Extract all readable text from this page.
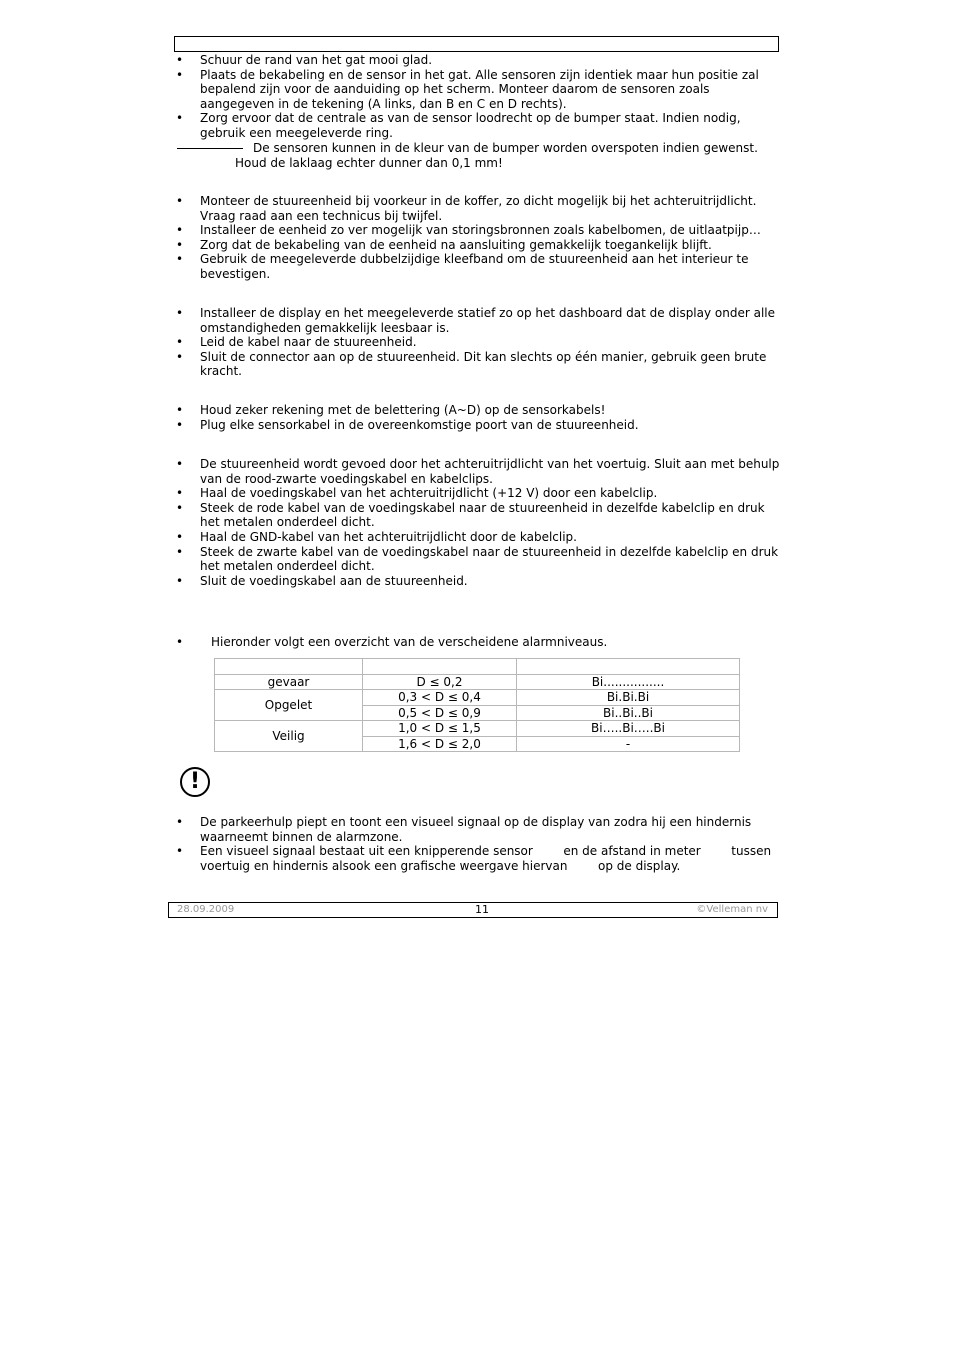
• Schuur de rand van het gat mooi glad.
• Plaats de bekabeling en de sensor in het gat. Alle sensoren zijn identiek maar hun positie zal bepalend zijn voor de aanduiding op het scherm. Monteer daarom de sensoren zoals aangegeven in de tekening (A links, dan B en C en D rechts).
• Zorg ervoor dat de centrale as van de sensor loodrecht op de bumper staat. Indien nodig, gebruik een meegeleverde ring.
De sensoren kunnen in de kleur van de bumper worden overspoten indien gewenst.
Houd de laklaag echter dunner dan 0,1 mm!
• Monteer de stuureenheid bij voorkeur in de koffer, zo dicht mogelijk bij het achteruitrijdlicht. Vraag raad aan een technicus bij twijfel.
• Installeer de eenheid zo ver mogelijk van storingsbronnen zoals kabelbomen, de uitlaatpijp…
• Zorg dat de bekabeling van de eenheid na aansluiting gemakkelijk toegankelijk blijft.
• Gebruik de meegeleverde dubbelzijdige kleefband om de stuureenheid aan het interieur te bevestigen.
• Installeer de display en het meegeleverde statief zo op het dashboard dat de display onder alle omstandigheden gemakkelijk leesbaar is.
• Leid de kabel naar de stuureenheid.
• Sluit de connector aan op de stuureenheid. Dit kan slechts op één manier, gebruik geen brute kracht.
• Houd zeker rekening met de belettering (A~D) op de sensorkabels!
• Plug elke sensorkabel in de overeenkomstige poort van de stuureenheid.
• De stuureenheid wordt gevoed door het achteruitrijdlicht van het voertuig. Sluit aan met behulp van de rood-zwarte voedingskabel en kabelclips.
• Haal de voedingskabel van het achteruitrijdlicht (+12 V) door een kabelclip.
• Steek de rode kabel van de voedingskabel naar de stuureenheid in dezelfde kabelclip en druk het metalen onderdeel dicht.
• Haal de GND-kabel van het achteruitrijdlicht door de kabelclip.
• Steek de zwarte kabel van de voedingskabel naar de stuureenheid in dezelfde kabelclip en druk het metalen onderdeel dicht.
• Sluit de voedingskabel aan de stuureenheid.
• Hieronder volgt een overzicht van de verscheidene alarmniveaus.

gevaar	D ≤ 0,2	Bi................
Opgelet	0,3 < D ≤ 0,4	Bi.Bi.Bi
	0,5 < D ≤ 0,9	Bi..Bi..Bi
Veilig	1,0 < D ≤ 1,5	Bi…..Bi…..Bi
	1,6 < D ≤ 2,0	-
!
• De parkeerhulp piept en toont een visueel signaal op de display van zodra hij een hindernis waarneemt binnen de alarmzone.
• Een visueel signaal bestaat uit een knipperende sensor        en de afstand in meter        tussen voertuig en hindernis alsook een grafische weergave hiervan        op de display.
28.09.2009	11	©Velleman nv
